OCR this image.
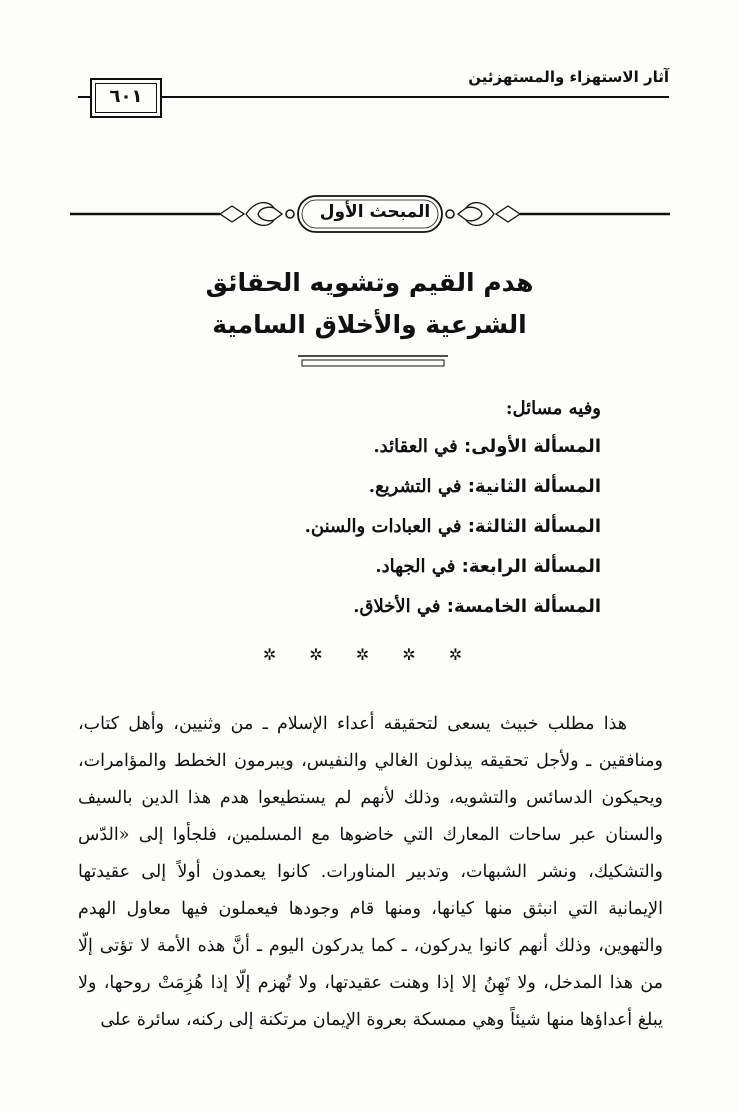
آثار الاستهزاء والمستهزئين
٦٠١
المبحث الأول
هدم القيم وتشويه الحقائق
الشرعية والأخلاق السامية
وفيه مسائل:
المسألة الأولى: في العقائد.
المسألة الثانية: في التشريع.
المسألة الثالثة: في العبادات والسنن.
المسألة الرابعة: في الجهاد.
المسألة الخامسة: في الأخلاق.
✲ ✲ ✲ ✲ ✲

هذا مطلب خبيث يسعى لتحقيقه أعداء الإسلام ـ من وثنيين، وأهل كتاب، ومنافقين ـ ولأجل تحقيقه يبذلون الغالي والنفيس، ويبرمون الخطط والمؤامرات، ويحيكون الدسائس والتشويه، وذلك لأنهم لم يستطيعوا هدم هذا الدين بالسيف والسنان عبر ساحات المعارك التي خاضوها مع المسلمين، فلجأوا إلى «الدّس والتشكيك، ونشر الشبهات، وتدبير المناورات. كانوا يعمدون أولاً إلى عقيدتها الإيمانية التي انبثق منها كيانها، ومنها قام وجودها فيعملون فيها معاول الهدم والتهوين، وذلك أنهم كانوا يدركون، ـ كما يدركون اليوم ـ أنَّ هذه الأمة لا تؤتى إلّا من هذا المدخل، ولا تَهِنُ إلا إذا وهنت عقيدتها، ولا تُهزم إلّا إذا هُزِمَتْ روحها، ولا يبلغ أعداؤها منها شيئاً وهي ممسكة بعروة الإيمان مرتكنة إلى ركنه، سائرة على
